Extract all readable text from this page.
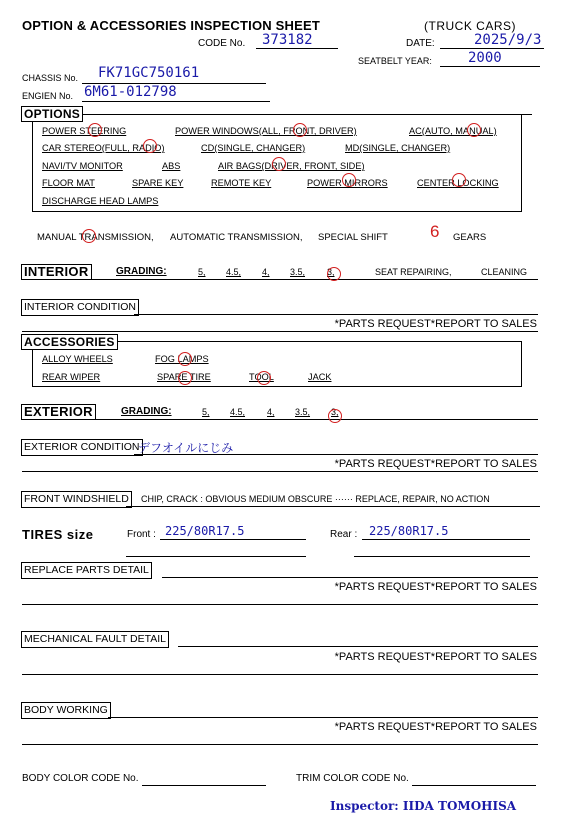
OPTION & ACCESSORIES INSPECTION SHEET	(TRUCK CARS)
CODE No. 373182	DATE:	2025/9/3
SEATBELT YEAR:	2000
CHASSIS No. FK71GC750161
ENGIEN No. 6M61-012798
OPTIONS
POWER STEERING	POWER WINDOWS(ALL, FRONT, DRIVER)	AC(AUTO, MANUAL)
CAR STEREO(FULL, RADIO)	CD(SINGLE, CHANGER)	MD(SINGLE, CHANGER)
NAVI/TV MONITOR	ABS	AIR BAGS(DRIVER, FRONT, SIDE)
FLOOR MAT	SPARE KEY	REMOTE KEY	POWER MIRRORS	CENTER LOCKING
DISCHARGE HEAD LAMPS
MANUAL TRANSMISSION, AUTOMATIC TRANSMISSION, SPECIAL SHIFT 6 GEARS
INTERIOR	GRADING:	5, 4.5, 4, 3.5, 3,	SEAT REPAIRING,	CLEANING
INTERIOR CONDITION
*PARTS REQUEST*REPORT TO SALES
ACCESSORIES
ALLOY WHEELS	FOG LAMPS
REAR WIPER	SPARE TIRE	TOOL	JACK
EXTERIOR	GRADING:	5, 4.5, 4, 3.5, 3,
EXTERIOR CONDITION
デフオイルにじみ
*PARTS REQUEST*REPORT TO SALES
FRONT WINDSHIELD	CHIP, CRACK : OBVIOUS MEDIUM OBSCURE ······ REPLACE, REPAIR, NO ACTION
TIRES size	Front : 225/80R17.5	Rear : 225/80R17.5
REPLACE PARTS DETAIL
*PARTS REQUEST*REPORT TO SALES
MECHANICAL FAULT DETAIL
*PARTS REQUEST*REPORT TO SALES
BODY WORKING
*PARTS REQUEST*REPORT TO SALES
BODY COLOR CODE No.	TRIM COLOR CODE No.
Inspector: IIDA TOMOHISA
